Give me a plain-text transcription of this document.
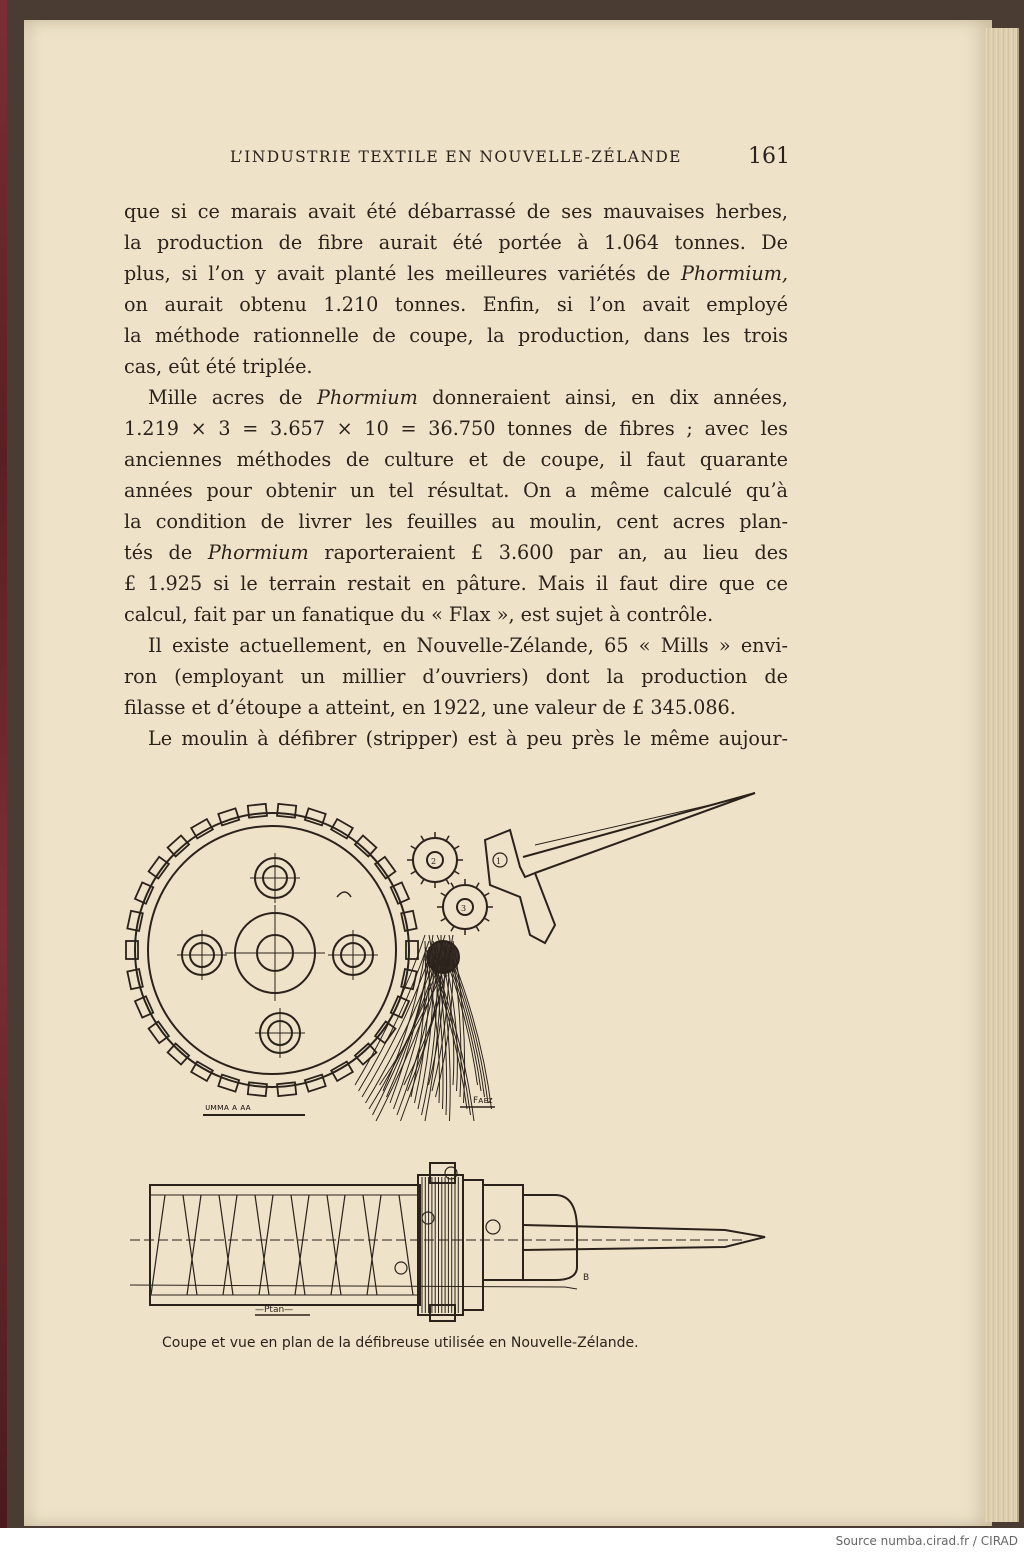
L’INDUSTRIE TEXTILE EN NOUVELLE-ZÉLANDE	161
que si ce marais avait été débarrassé de ses mauvaises herbes,
la production de fibre aurait été portée à 1.064 tonnes. De
plus, si l’on y avait planté les meilleures variétés de Phormium,
on aurait obtenu 1.210 tonnes. Enfin, si l’on avait employé
la méthode rationnelle de coupe, la production, dans les trois
cas, eût été triplée.
Mille acres de Phormium donneraient ainsi, en dix années,
1.219 × 3 = 3.657 × 10 = 36.750 tonnes de fibres ; avec les
anciennes méthodes de culture et de coupe, il faut quarante
années pour obtenir un tel résultat. On a même calculé qu’à
la condition de livrer les feuilles au moulin, cent acres plan-
tés de Phormium raporteraient £ 3.600 par an, au lieu des
£ 1.925 si le terrain restait en pâture. Mais il faut dire que ce
calcul, fait par un fanatique du « Flax », est sujet à contrôle.
Il existe actuellement, en Nouvelle-Zélande, 65 « Mills » envi-
ron (employant un millier d’ouvriers) dont la production de
filasse et d’étoupe a atteint, en 1922, une valeur de £ 345.086.
Le moulin à défibrer (stripper) est à peu près le même aujour-
ᴜᴍᴍᴀ ᴀ ᴀᴀ
Fᴀᴇᴢ
1
2
3
4
—Ptan—
B
Coupe et vue en plan de la défibreuse utilisée en Nouvelle-Zélande.
Source numba.cirad.fr / CIRAD
